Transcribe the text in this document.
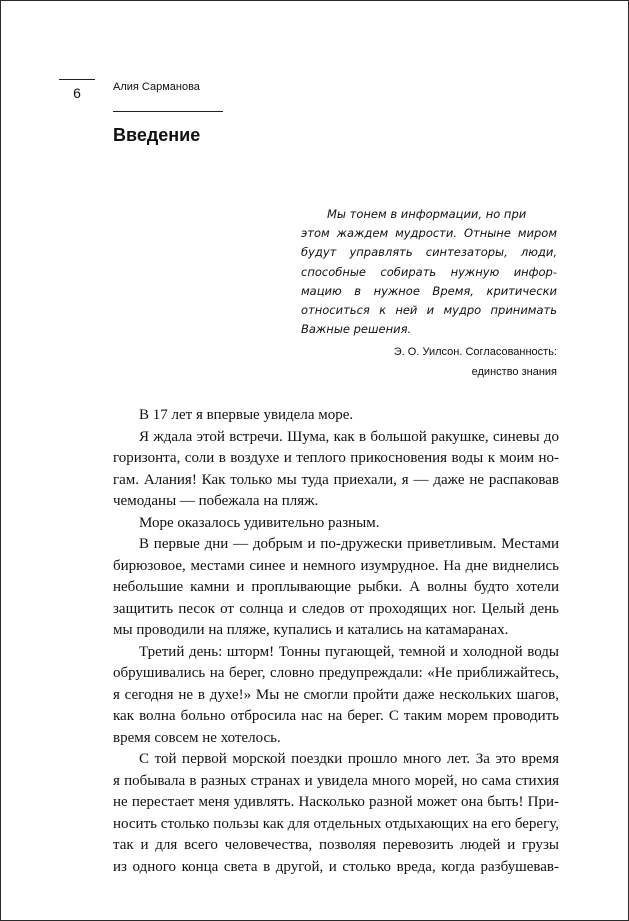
6	Алия Сарманова
Введение
Мы тонем в информации, но при
этом жаждем мудрости. Отныне миром
будут управлять синтезаторы, люди,
способные собирать нужную инфор-
мацию в нужное Время, критически
относиться к ней и мудро принимать
Важные решения.
Э. О. Уилсон. Согласованность:
единство знания
В 17 лет я впервые увидела море.
Я ждала этой встречи. Шума, как в большой ракушке, синевы до
горизонта, соли в воздухе и теплого прикосновения воды к моим но-
гам. Алания! Как только мы туда приехали, я — даже не распаковав
чемоданы — побежала на пляж.
Море оказалось удивительно разным.
В первые дни — добрым и по-дружески приветливым. Местами
бирюзовое, местами синее и немного изумрудное. На дне виднелись
небольшие камни и проплывающие рыбки. А волны будто хотели
защитить песок от солнца и следов от проходящих ног. Целый день
мы проводили на пляже, купались и катались на катамаранах.
Третий день: шторм! Тонны пугающей, темной и холодной воды
обрушивались на берег, словно предупреждали: «Не приближайтесь,
я сегодня не в духе!» Мы не смогли пройти даже нескольких шагов,
как волна больно отбросила нас на берег. С таким морем проводить
время совсем не хотелось.
С той первой морской поездки прошло много лет. За это время
я побывала в разных странах и увидела много морей, но сама стихия
не перестает меня удивлять. Насколько разной может она быть! При-
носить столько пользы как для отдельных отдыхающих на его берегу,
так и для всего человечества, позволяя перевозить людей и грузы
из одного конца света в другой, и столько вреда, когда разбушевав-
